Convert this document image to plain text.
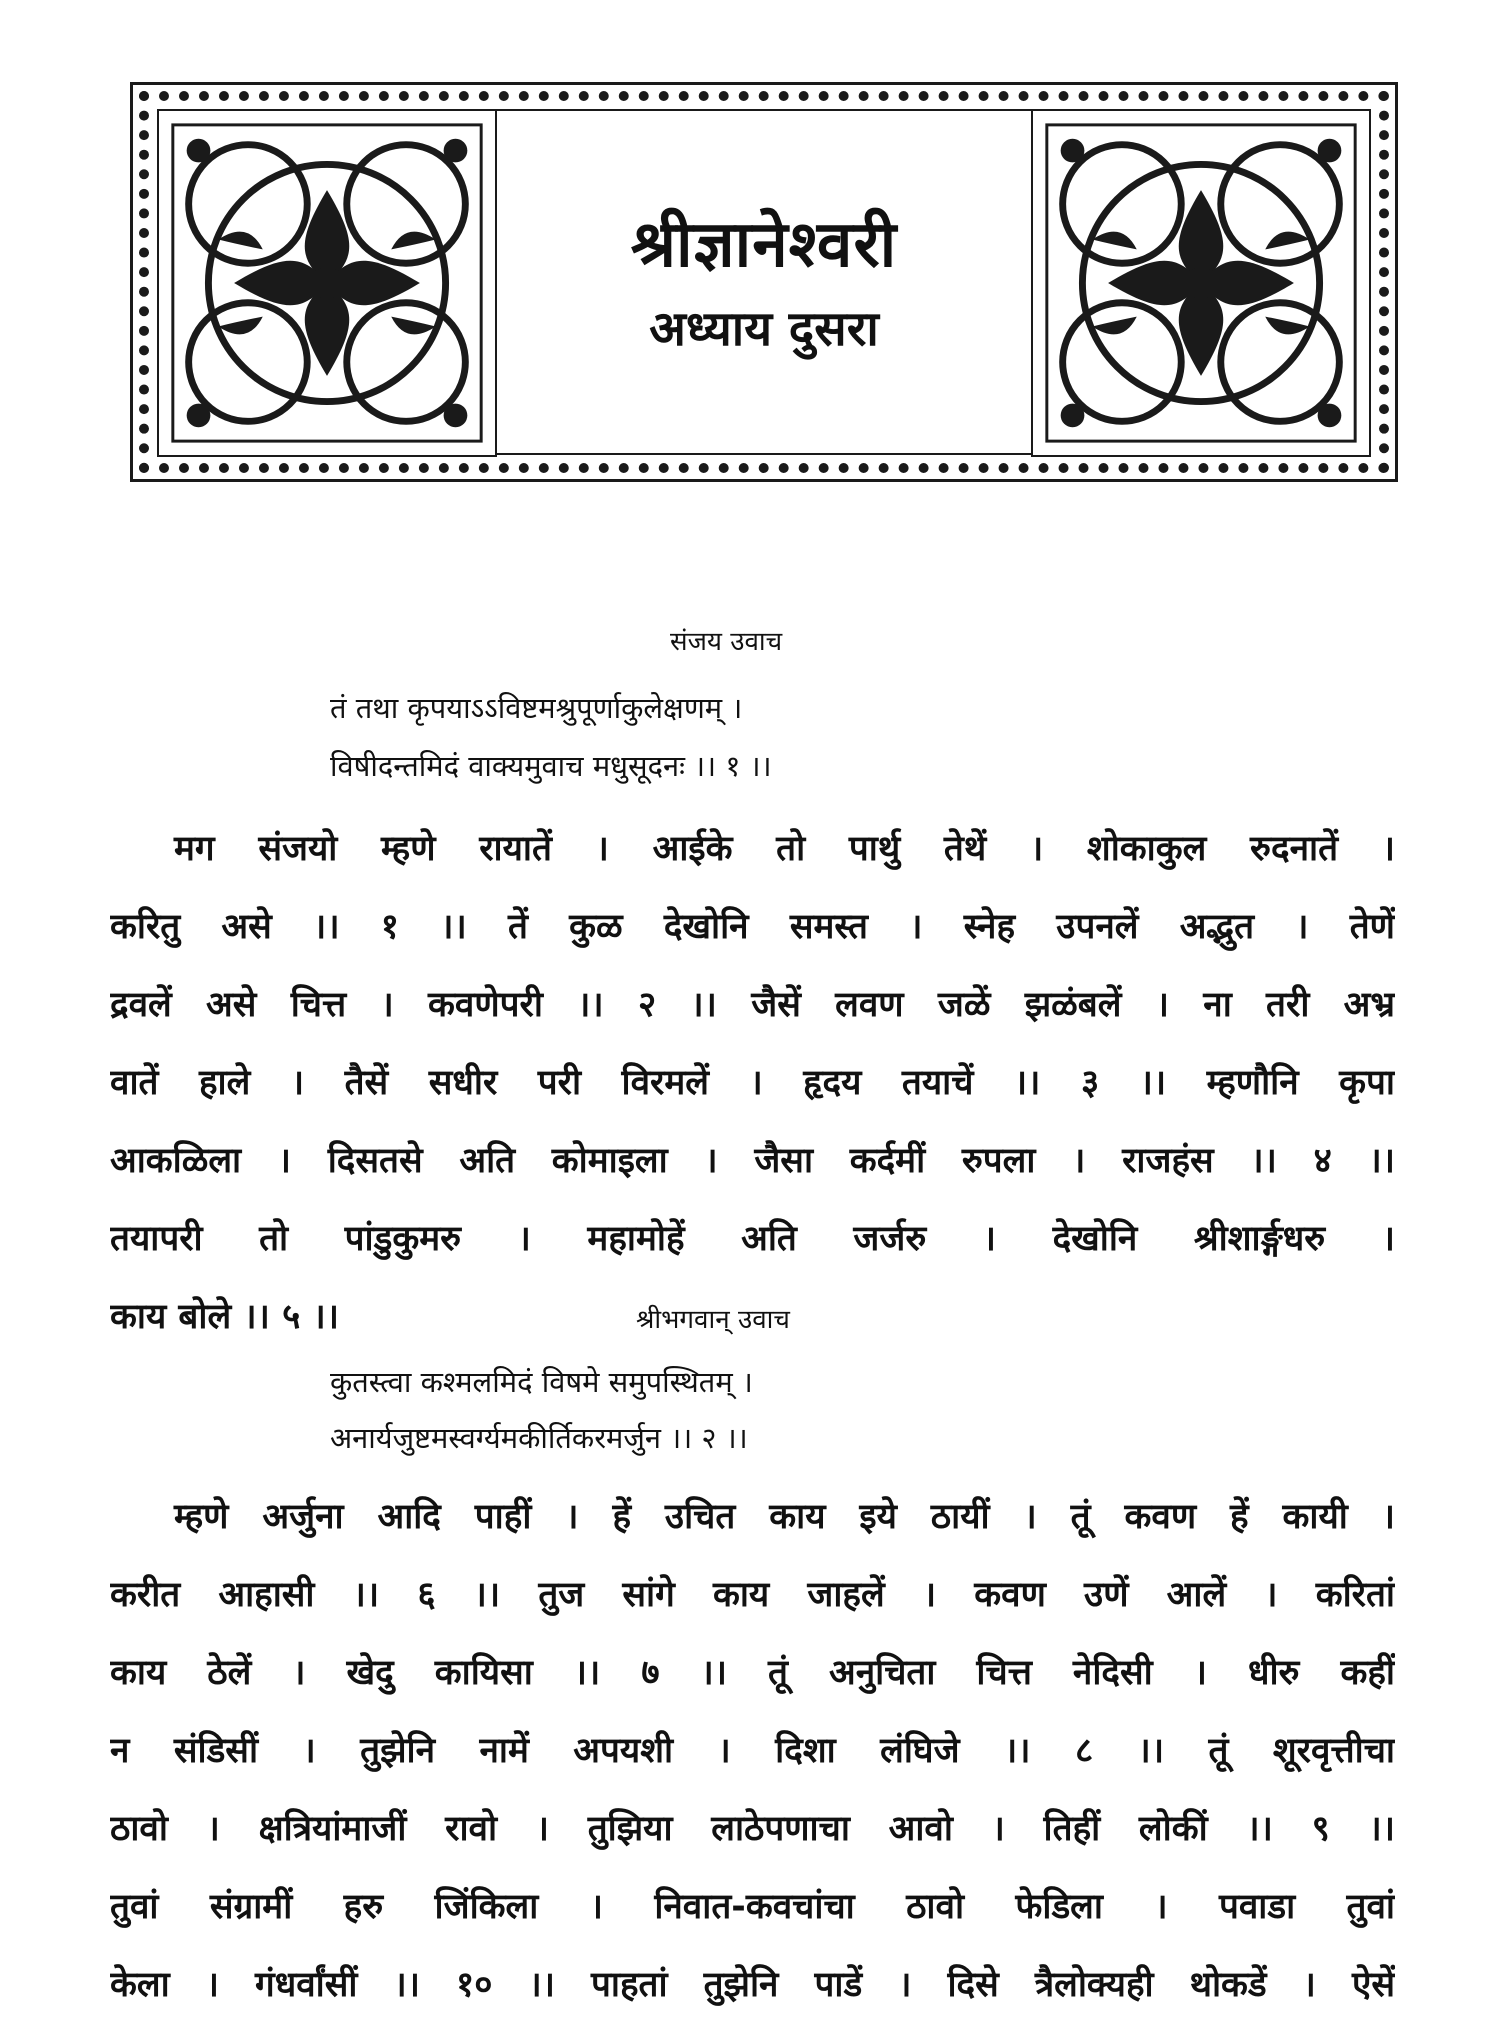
श्रीज्ञानेश्वरी
अध्याय दुसरा
संजय उवाच
तं तथा कृपयाऽऽविष्टमश्रुपूर्णाकुलेक्षणम् ।
विषीदन्तमिदं वाक्यमुवाच मधुसूदनः ।। १ ।।
मग संजयो म्हणे रायातें । आईके तो पार्थु तेथें । शोकाकुल रुदनातें ।
करितु असे ।। १ ।। तें कुळ देखोनि समस्त । स्नेह उपनलें अद्भुत । तेणें
द्रवलें असे चित्त । कवणेपरी ।। २ ।। जैसें लवण जळें झळंबलें । ना तरी अभ्र
वातें हाले । तैसें सधीर परी विरमलें । हृदय तयाचें ।। ३ ।। म्हणौनि कृपा
आकळिला । दिसतसे अति कोमाइला । जैसा कर्दमीं रुपला । राजहंस ।। ४ ।।
तयापरी तो पांडुकुमरु । महामोहें अति जर्जरु । देखोनि श्रीशार्ङ्गधरु ।
काय बोले ।। ५ ।।	श्रीभगवान् उवाच
कुतस्त्वा कश्मलमिदं विषमे समुपस्थितम् ।
अनार्यजुष्टमस्वर्ग्यमकीर्तिकरमर्जुन ।। २ ।।
म्हणे अर्जुना आदि पाहीं । हें उचित काय इये ठायीं । तूं कवण हें कायी ।
करीत आहासी ।। ६ ।। तुज सांगे काय जाहलें । कवण उणें आलें । करितां
काय ठेलें । खेदु कायिसा ।। ७ ।। तूं अनुचिता चित्त नेदिसी । धीरु कहीं
न संडिसीं । तुझेनि नामें अपयशी । दिशा लंघिजे ।। ८ ।। तूं शूरवृत्तीचा
ठावो । क्षत्रियांमाजीं रावो । तुझिया लाठेपणाचा आवो । तिहीं लोकीं ।। ९ ।।
तुवां संग्रामीं हरु जिंकिला । निवात-कवचांचा ठावो फेडिला । पवाडा तुवां
केला । गंधर्वांसीं ।। १० ।। पाहतां तुझेनि पाडें । दिसे त्रैलोक्यही थोकडें । ऐसें
